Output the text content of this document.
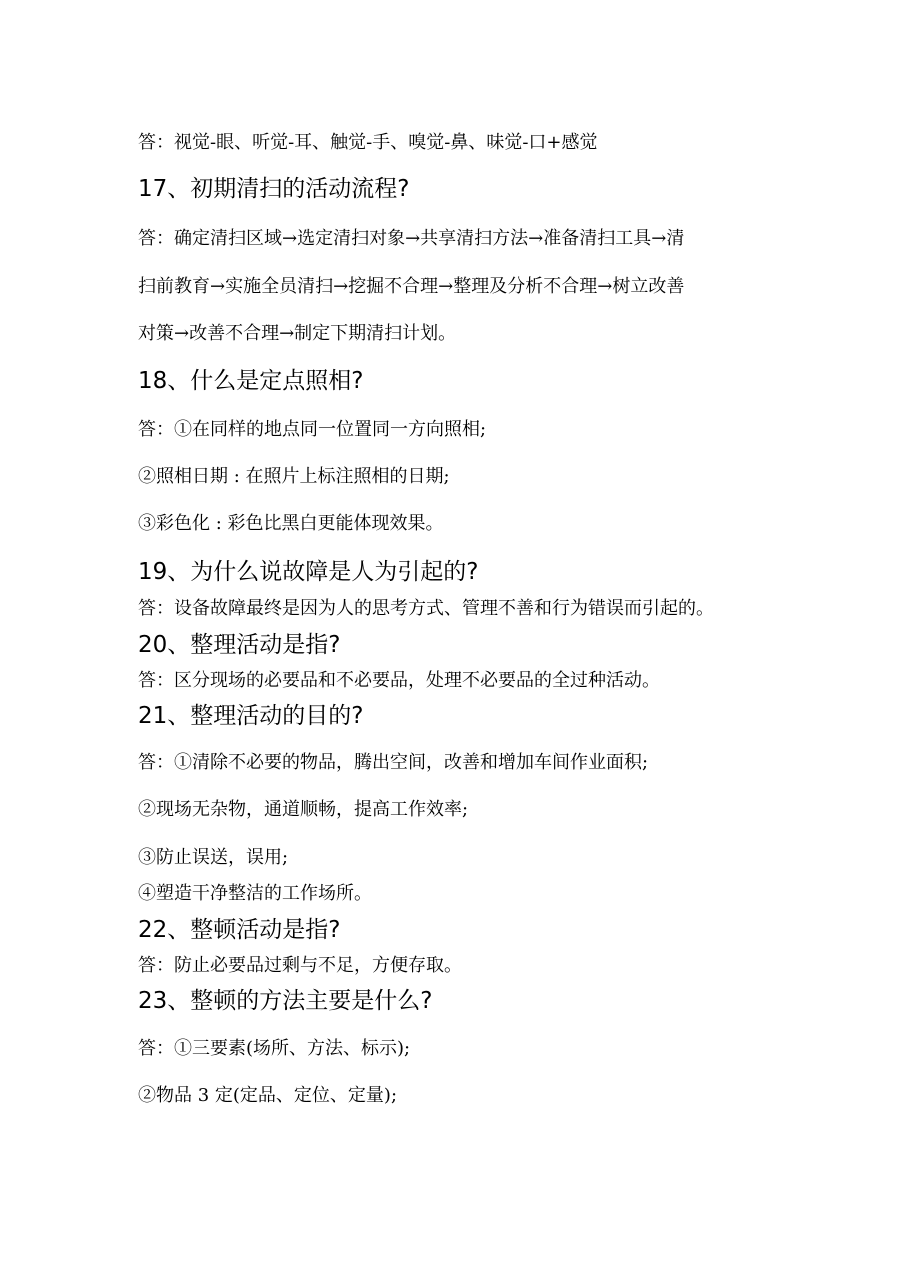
答：视觉-眼、听觉-耳、触觉-手、嗅觉-鼻、味觉-口+感觉
17、初期清扫的活动流程?
答：确定清扫区域→选定清扫对象→共享清扫方法→准备清扫工具→清
扫前教育→实施全员清扫→挖掘不合理→整理及分析不合理→树立改善
对策→改善不合理→制定下期清扫计划。
18、什么是定点照相?
答：①在同样的地点同一位置同一方向照相;
②照相日期 : 在照片上标注照相的日期;
③彩色化 : 彩色比黑白更能体现效果。
19、为什么说故障是人为引起的?
答：设备故障最终是因为人的思考方式、管理不善和行为错误而引起的。
20、整理活动是指?
答：区分现场的必要品和不必要品，处理不必要品的全过种活动。
21、整理活动的目的?
答：①清除不必要的物品，腾出空间，改善和增加车间作业面积;
②现场无杂物，通道顺畅，提高工作效率;
③防止误送，误用;
④塑造干净整洁的工作场所。
22、整顿活动是指?
答：防止必要品过剩与不足，方便存取。
23、整顿的方法主要是什么?
答：①三要素(场所、方法、标示);
②物品 3 定(定品、定位、定量);
